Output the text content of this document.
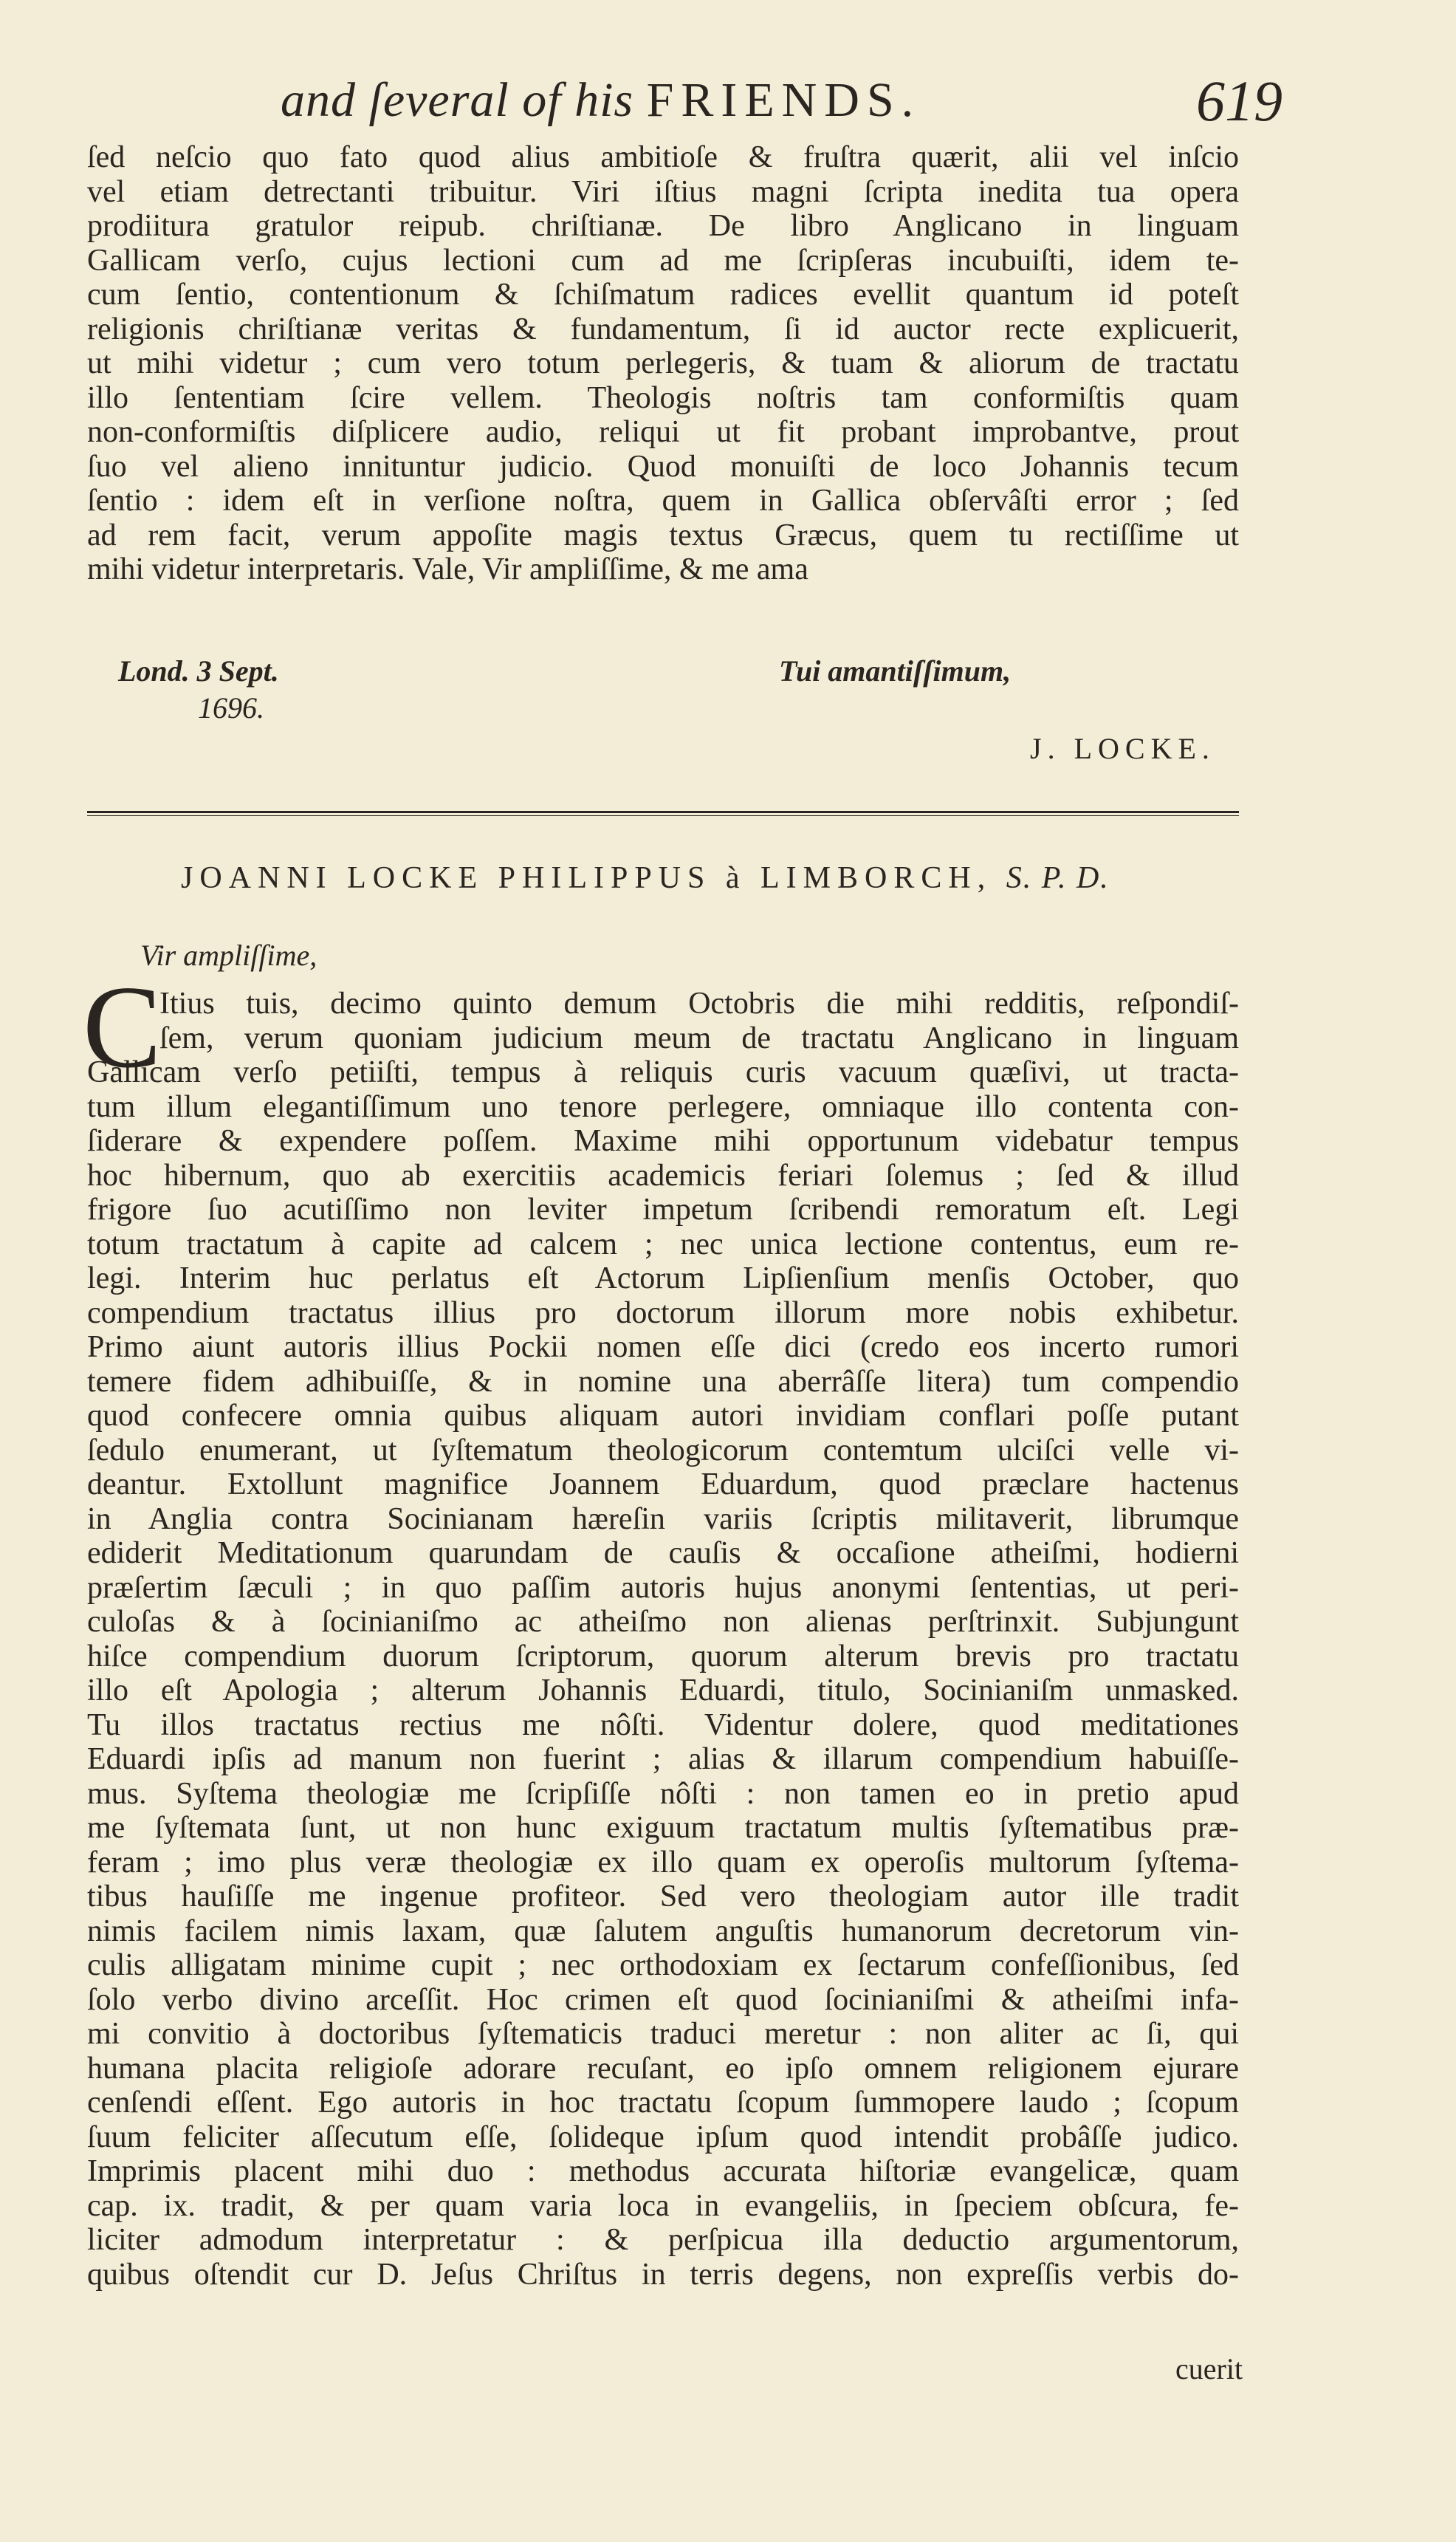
and ſeveral of his FRIENDS.	619
ſed neſcio quo fato quod alius ambitioſe & fruſtra quærit, alii vel inſcio
vel etiam detrectanti tribuitur. Viri iſtius magni ſcripta inedita tua opera
prodiitura gratulor reipub. chriſtianæ. De libro Anglicano in linguam
Gallicam verſo, cujus lectioni cum ad me ſcripſeras incubuiſti, idem te-
cum ſentio, contentionum & ſchiſmatum radices evellit quantum id poteſt
religionis chriſtianæ veritas & fundamentum, ſi id auctor recte explicuerit,
ut mihi videtur ; cum vero totum perlegeris, & tuam & aliorum de tractatu
illo ſententiam ſcire vellem. Theologis noſtris tam conformiſtis quam
non-conformiſtis diſplicere audio, reliqui ut fit probant improbantve, prout
ſuo vel alieno innituntur judicio. Quod monuiſti de loco Johannis tecum
ſentio : idem eſt in verſione noſtra, quem in Gallica obſervâſti error ; ſed
ad rem facit, verum appoſite magis textus Græcus, quem tu rectiſſime ut
mihi videtur interpretaris. Vale, Vir ampliſſime, & me ama
Lond. 3 Sept.
1696.
Tui amantiſſimum,
J. LOCKE.
JOANNI LOCKE PHILIPPUS à LIMBORCH, S. P. D.
Vir ampliſſime,
C
Itius tuis, decimo quinto demum Octobris die mihi redditis, reſpondiſ-
ſem, verum quoniam judicium meum de tractatu Anglicano in linguam
Gallicam verſo petiiſti, tempus à reliquis curis vacuum quæſivi, ut tracta-
tum illum elegantiſſimum uno tenore perlegere, omniaque illo contenta con-
ſiderare & expendere poſſem. Maxime mihi opportunum videbatur tempus
hoc hibernum, quo ab exercitiis academicis feriari ſolemus ; ſed & illud
frigore ſuo acutiſſimo non leviter impetum ſcribendi remoratum eſt. Legi
totum tractatum à capite ad calcem ; nec unica lectione contentus, eum re-
legi. Interim huc perlatus eſt Actorum Lipſienſium menſis October, quo
compendium tractatus illius pro doctorum illorum more nobis exhibetur.
Primo aiunt autoris illius Pockii nomen eſſe dici (credo eos incerto rumori
temere fidem adhibuiſſe, & in nomine una aberrâſſe litera) tum compendio
quod confecere omnia quibus aliquam autori invidiam conflari poſſe putant
ſedulo enumerant, ut ſyſtematum theologicorum contemtum ulciſci velle vi-
deantur. Extollunt magnifice Joannem Eduardum, quod præclare hactenus
in Anglia contra Socinianam hæreſin variis ſcriptis militaverit, librumque
ediderit Meditationum quarundam de cauſis & occaſione atheiſmi, hodierni
præſertim ſæculi ; in quo paſſim autoris hujus anonymi ſententias, ut peri-
culoſas & à ſocinianiſmo ac atheiſmo non alienas perſtrinxit. Subjungunt
hiſce compendium duorum ſcriptorum, quorum alterum brevis pro tractatu
illo eſt Apologia ; alterum Johannis Eduardi, titulo, Socinianiſm unmasked.
Tu illos tractatus rectius me nôſti. Videntur dolere, quod meditationes
Eduardi ipſis ad manum non fuerint ; alias & illarum compendium habuiſſe-
mus. Syſtema theologiæ me ſcripſiſſe nôſti : non tamen eo in pretio apud
me ſyſtemata ſunt, ut non hunc exiguum tractatum multis ſyſtematibus præ-
feram ; imo plus veræ theologiæ ex illo quam ex operoſis multorum ſyſtema-
tibus hauſiſſe me ingenue profiteor. Sed vero theologiam autor ille tradit
nimis facilem nimis laxam, quæ ſalutem anguſtis humanorum decretorum vin-
culis alligatam minime cupit ; nec orthodoxiam ex ſectarum confeſſionibus, ſed
ſolo verbo divino arceſſit. Hoc crimen eſt quod ſocinianiſmi & atheiſmi infa-
mi convitio à doctoribus ſyſtematicis traduci meretur : non aliter ac ſi, qui
humana placita religioſe adorare recuſant, eo ipſo omnem religionem ejurare
cenſendi eſſent. Ego autoris in hoc tractatu ſcopum ſummopere laudo ; ſcopum
ſuum feliciter aſſecutum eſſe, ſolideque ipſum quod intendit probâſſe judico.
Imprimis placent mihi duo : methodus accurata hiſtoriæ evangelicæ, quam
cap. ix. tradit, & per quam varia loca in evangeliis, in ſpeciem obſcura, fe-
liciter admodum interpretatur : & perſpicua illa deductio argumentorum,
quibus oſtendit cur D. Jeſus Chriſtus in terris degens, non expreſſis verbis do-
cuerit
